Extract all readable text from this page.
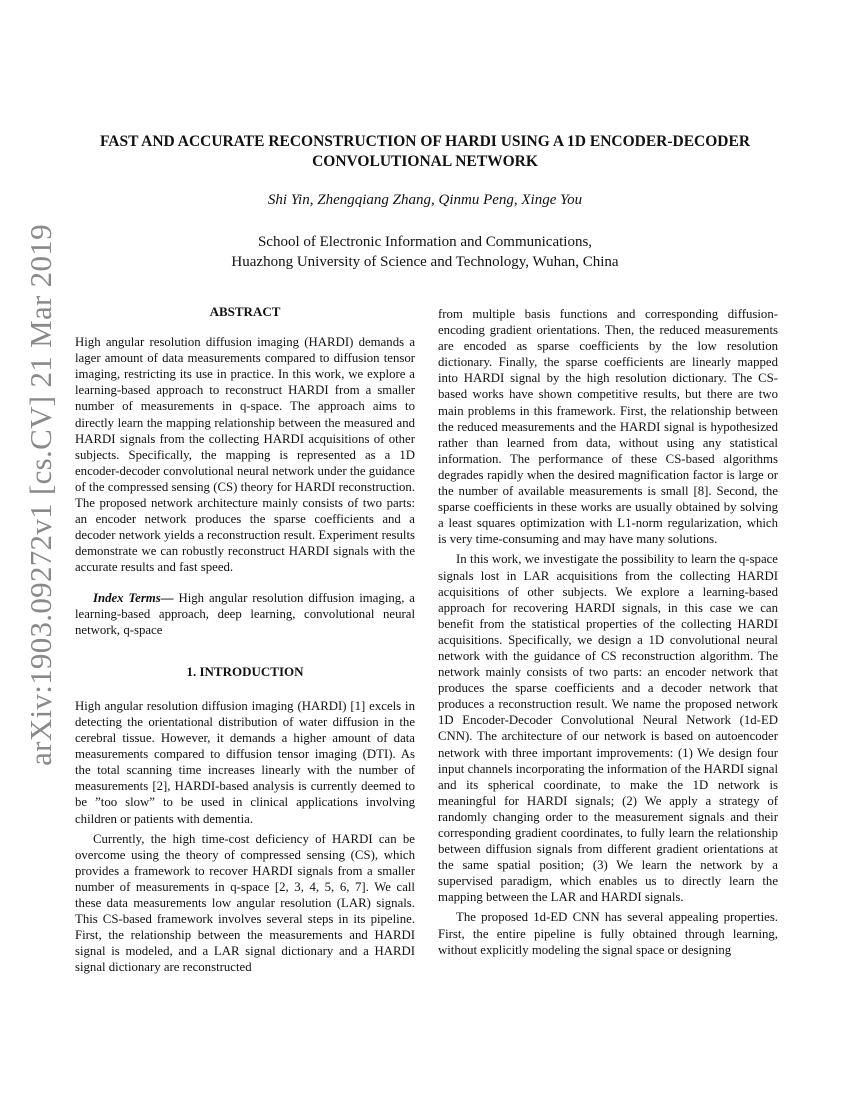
arXiv:1903.09272v1 [cs.CV] 21 Mar 2019
FAST AND ACCURATE RECONSTRUCTION OF HARDI USING A 1D ENCODER-DECODER
CONVOLUTIONAL NETWORK
Shi Yin, Zhengqiang Zhang, Qinmu Peng, Xinge You
School of Electronic Information and Communications,
Huazhong University of Science and Technology, Wuhan, China
ABSTRACT

High angular resolution diffusion imaging (HARDI) demands a lager amount of data measurements compared to diffusion tensor imaging, restricting its use in practice. In this work, we explore a learning-based approach to reconstruct HARDI from a smaller number of measurements in q-space. The approach aims to directly learn the mapping relationship between the measured and HARDI signals from the collecting HARDI acquisitions of other subjects. Specifically, the mapping is represented as a 1D encoder-decoder convolutional neural network under the guidance of the compressed sensing (CS) theory for HARDI reconstruction. The proposed network architecture mainly consists of two parts: an encoder network produces the sparse coefficients and a decoder network yields a reconstruction result. Experiment results demonstrate we can robustly reconstruct HARDI signals with the accurate results and fast speed.

Index Terms— High angular resolution diffusion imaging, a learning-based approach, deep learning, convolutional neural network, q-space

1. INTRODUCTION

High angular resolution diffusion imaging (HARDI) [1] excels in detecting the orientational distribution of water diffusion in the cerebral tissue. However, it demands a higher amount of data measurements compared to diffusion tensor imaging (DTI). As the total scanning time increases linearly with the number of measurements [2], HARDI-based analysis is currently deemed to be ”too slow” to be used in clinical applications involving children or patients with dementia.

Currently, the high time-cost deficiency of HARDI can be overcome using the theory of compressed sensing (CS), which provides a framework to recover HARDI signals from a smaller number of measurements in q-space [2, 3, 4, 5, 6, 7]. We call these data measurements low angular resolution (LAR) signals. This CS-based framework involves several steps in its pipeline. First, the relationship between the measurements and HARDI signal is modeled, and a LAR signal dictionary and a HARDI signal dictionary are reconstructed

from multiple basis functions and corresponding diffusion-encoding gradient orientations. Then, the reduced measurements are encoded as sparse coefficients by the low resolution dictionary. Finally, the sparse coefficients are linearly mapped into HARDI signal by the high resolution dictionary. The CS-based works have shown competitive results, but there are two main problems in this framework. First, the relationship between the reduced measurements and the HARDI signal is hypothesized rather than learned from data, without using any statistical information. The performance of these CS-based algorithms degrades rapidly when the desired magnification factor is large or the number of available measurements is small [8]. Second, the sparse coefficients in these works are usually obtained by solving a least squares optimization with L1-norm regularization, which is very time-consuming and may have many solutions.

In this work, we investigate the possibility to learn the q-space signals lost in LAR acquisitions from the collecting HARDI acquisitions of other subjects. We explore a learning-based approach for recovering HARDI signals, in this case we can benefit from the statistical properties of the collecting HARDI acquisitions. Specifically, we design a 1D convolutional neural network with the guidance of CS reconstruction algorithm. The network mainly consists of two parts: an encoder network that produces the sparse coefficients and a decoder network that produces a reconstruction result. We name the proposed network 1D Encoder-Decoder Convolutional Neural Network (1d-ED CNN). The architecture of our network is based on autoencoder network with three important improvements: (1) We design four input channels incorporating the information of the HARDI signal and its spherical coordinate, to make the 1D network is meaningful for HARDI signals; (2) We apply a strategy of randomly changing order to the measurement signals and their corresponding gradient coordinates, to fully learn the relationship between diffusion signals from different gradient orientations at the same spatial position; (3) We learn the network by a supervised paradigm, which enables us to directly learn the mapping between the LAR and HARDI signals.

The proposed 1d-ED CNN has several appealing properties. First, the entire pipeline is fully obtained through learning, without explicitly modeling the signal space or designing
